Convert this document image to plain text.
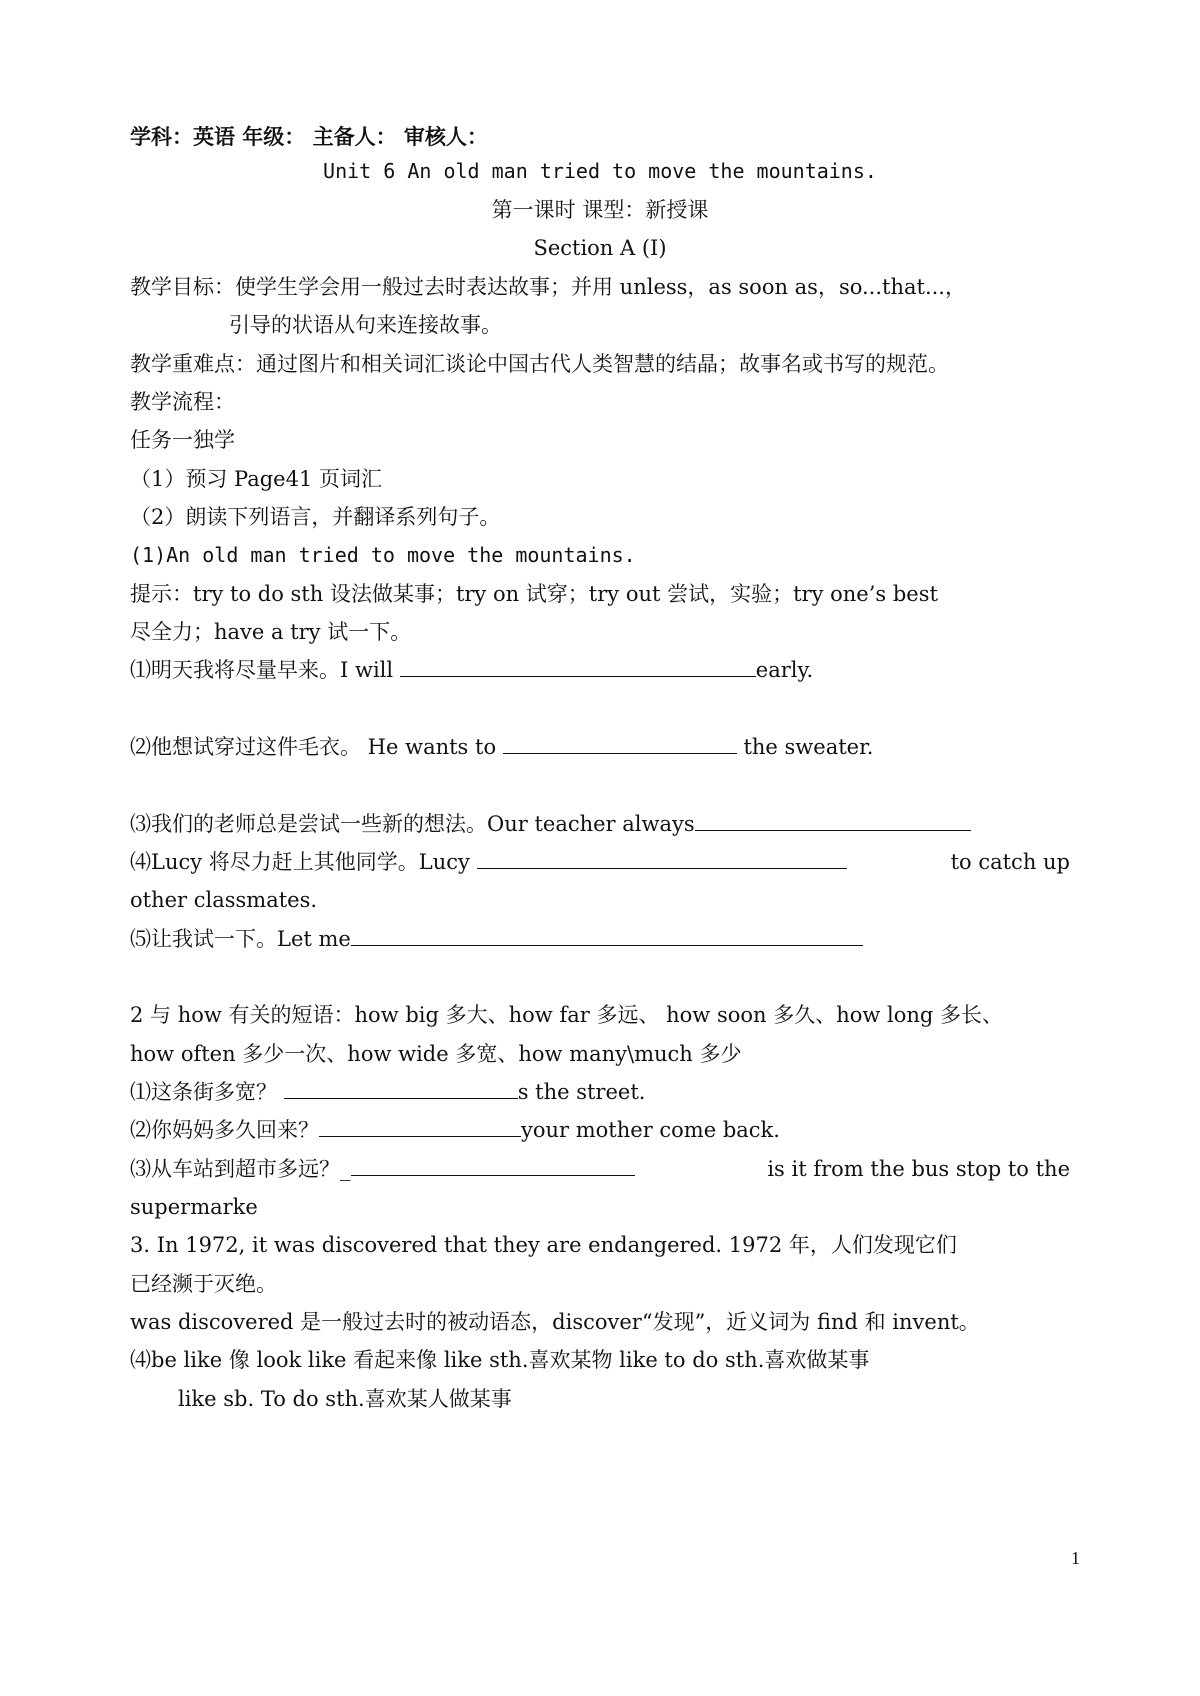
学科：英语 年级： 主备人： 审核人：
Unit 6 An old man tried to move the mountains.
第一课时 课型：新授课
Section A (I)
教学目标：使学生学会用一般过去时表达故事；并用 unless，as soon as，so...that...，
引导的状语从句来连接故事。
教学重难点：通过图片和相关词汇谈论中国古代人类智慧的结晶；故事名或书写的规范。
教学流程：
任务一独学
（1）预习 Page41 页词汇
（2）朗读下列语言，并翻译系列句子。
(1)An old man tried to move the mountains.
提示：try to do sth 设法做某事；try on 试穿；try out 尝试，实验；try one’s best
尽全力；have a try 试一下。
⑴明天我将尽量早来。I will	early.
⑵他想试穿过这件毛衣。 He wants to	the sweater.
⑶我们的老师总是尝试一些新的想法。Our teacher always
⑷Lucy 将尽力赶上其他同学。Lucy	to catch up
other classmates.
⑸让我试一下。Let me
2 与 how 有关的短语：how big 多大、how far 多远、 how soon 多久、how long 多长、
how often 多少一次、how wide 多宽、how many\much 多少
⑴这条街多宽？	s the street.
⑵你妈妈多久回来？	your mother come back.
⑶从车站到超市多远？_	is it from the bus stop to the
supermarke
3. In 1972, it was discovered that they are endangered. 1972 年，人们发现它们
已经濒于灭绝。
was discovered 是一般过去时的被动语态，discover“发现”，近义词为 find 和 invent。
⑷be like 像 look like 看起来像 like sth.喜欢某物 like to do sth.喜欢做某事
like sb. To do sth.喜欢某人做某事
1
